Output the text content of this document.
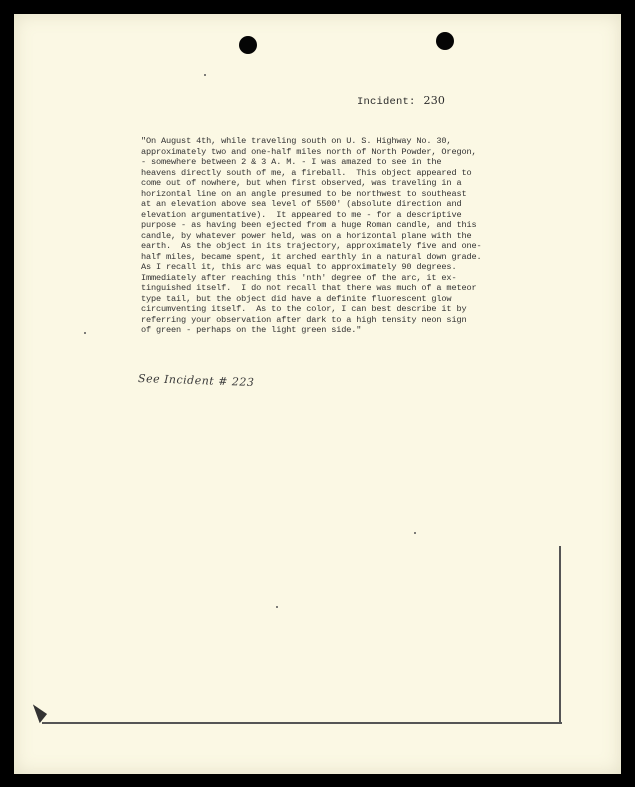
Incident: 230

"On August 4th, while traveling south on U. S. Highway No. 30,
approximately two and one-half miles north of North Powder, Oregon,
- somewhere between 2 & 3 A. M. - I was amazed to see in the
heavens directly south of me, a fireball.  This object appeared to
come out of nowhere, but when first observed, was traveling in a
horizontal line on an angle presumed to be northwest to southeast
at an elevation above sea level of 5500' (absolute direction and
elevation argumentative).  It appeared to me - for a descriptive
purpose - as having been ejected from a huge Roman candle, and this
candle, by whatever power held, was on a horizontal plane with the
earth.  As the object in its trajectory, approximately five and one-
half miles, became spent, it arched earthly in a natural down grade.
As I recall it, this arc was equal to approximately 90 degrees.
Immediately after reaching this 'nth' degree of the arc, it ex-
tinguished itself.  I do not recall that there was much of a meteor
type tail, but the object did have a definite fluorescent glow
circumventing itself.  As to the color, I can best describe it by
referring your observation after dark to a high tensity neon sign
of green - perhaps on the light green side."

See Incident # 223
